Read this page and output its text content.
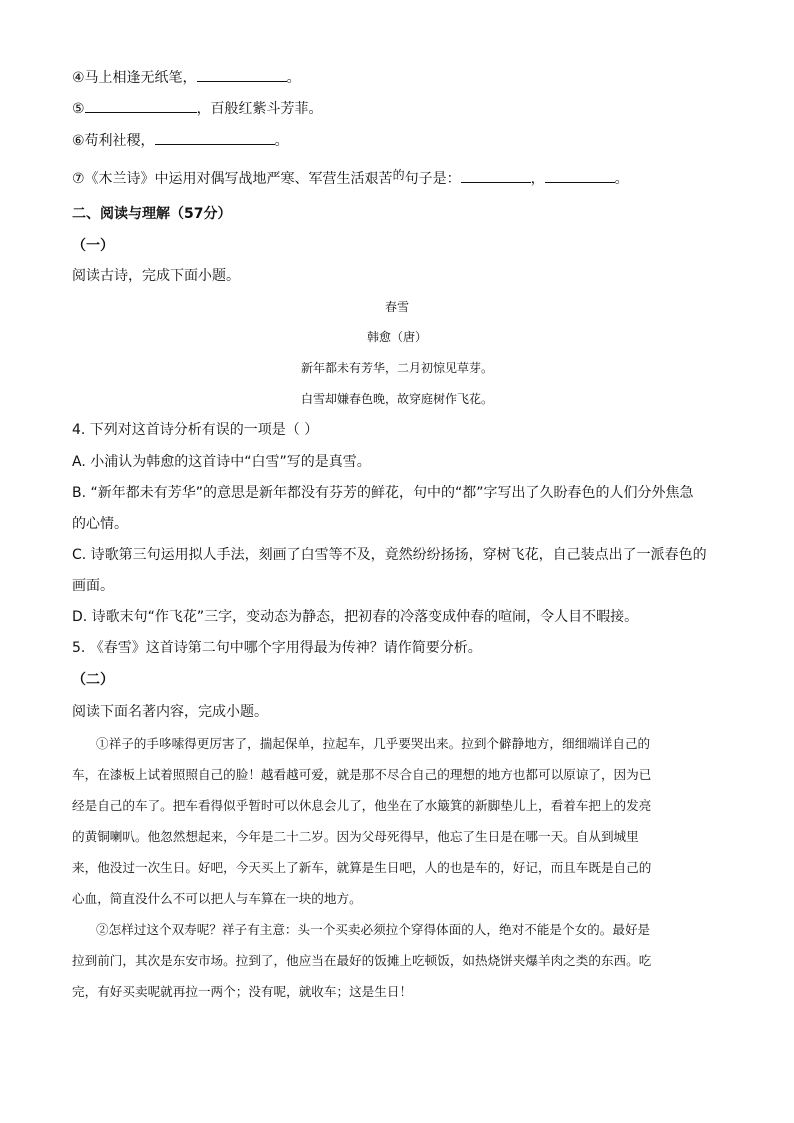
④马上相逢无纸笔，	。
⑤	，百般红紫斗芳菲。
⑥苟利社稷，	。
⑦《木兰诗》中运用对偶写战地严寒、军营生活艰苦的句子是：	，	。
二、阅读与理解（57分）
（一）
阅读古诗，完成下面小题。
春雪
韩愈（唐）
新年都未有芳华，二月初惊见草芽。
白雪却嫌春色晚，故穿庭树作飞花。
4. 下列对这首诗分析有误的一项是（ ）
A. 小浦认为韩愈的这首诗中“白雪”写的是真雪。
B. “新年都未有芳华”的意思是新年都没有芬芳的鲜花，句中的“都”字写出了久盼春色的人们分外焦急
的心情。
C. 诗歌第三句运用拟人手法，刻画了白雪等不及，竟然纷纷扬扬，穿树飞花，自己装点出了一派春色的
画面。
D. 诗歌末句“作飞花”三字，变动态为静态，把初春的冷落变成仲春的喧闹，令人目不暇接。
5. 《春雪》这首诗第二句中哪个字用得最为传神？请作简要分析。
（二）
阅读下面名著内容，完成小题。
①祥子的手哆嗦得更厉害了，揣起保单，拉起车，几乎要哭出来。拉到个僻静地方，细细端详自己的
车，在漆板上试着照照自己的脸！越看越可爱，就是那不尽合自己的理想的地方也都可以原谅了，因为已
经是自己的车了。把车看得似乎暂时可以休息会儿了，他坐在了水簸箕的新脚垫儿上，看着车把上的发亮
的黄铜喇叭。他忽然想起来，今年是二十二岁。因为父母死得早，他忘了生日是在哪一天。自从到城里
来，他没过一次生日。好吧，今天买上了新车，就算是生日吧，人的也是车的，好记，而且车既是自己的
心血，简直没什么不可以把人与车算在一块的地方。
②怎样过这个双寿呢？祥子有主意：头一个买卖必须拉个穿得体面的人，绝对不能是个女的。最好是
拉到前门，其次是东安市场。拉到了，他应当在最好的饭摊上吃顿饭，如热烧饼夹爆羊肉之类的东西。吃
完，有好买卖呢就再拉一两个；没有呢，就收车；这是生日！
